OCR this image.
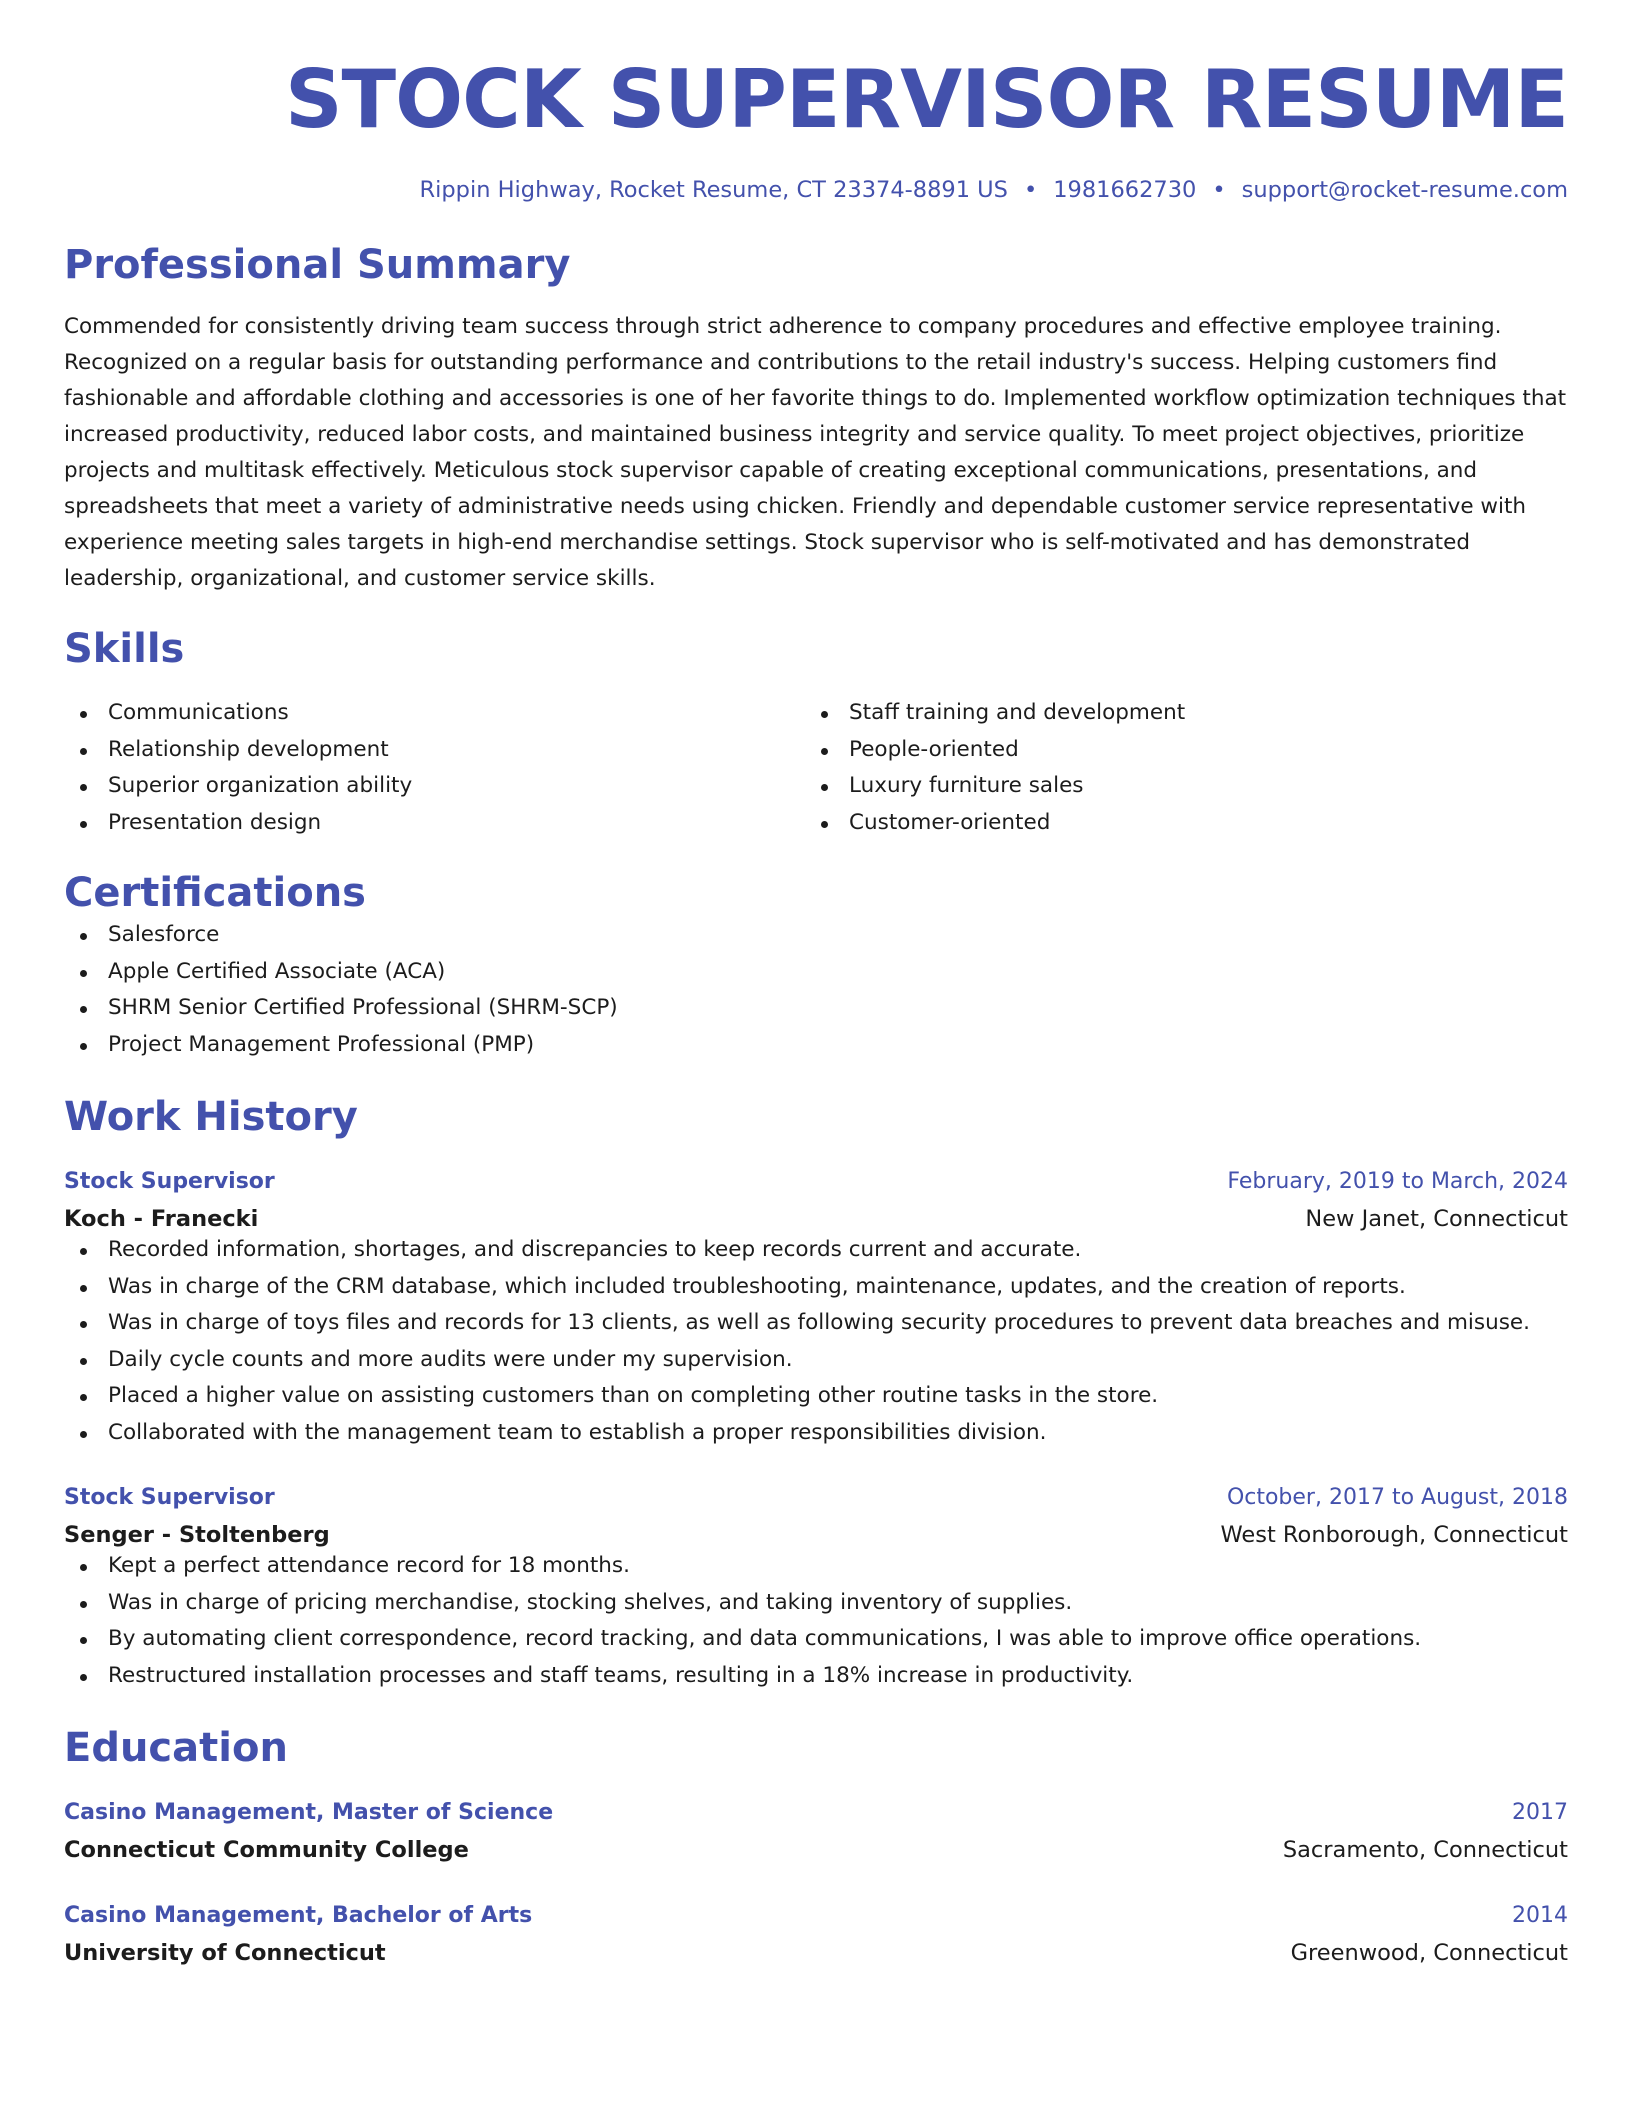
STOCK SUPERVISOR RESUME
Rippin Highway, Rocket Resume, CT 23374-8891 US • 1981662730 • support@rocket-resume.com
Professional Summary

Commended for consistently driving team success through strict adherence to company procedures and effective employee training. Recognized on a regular basis for outstanding performance and contributions to the retail industry's success. Helping customers find fashionable and affordable clothing and accessories is one of her favorite things to do. Implemented workflow optimization techniques that increased productivity, reduced labor costs, and maintained business integrity and service quality. To meet project objectives, prioritize projects and multitask effectively. Meticulous stock supervisor capable of creating exceptional communications, presentations, and spreadsheets that meet a variety of administrative needs using chicken. Friendly and dependable customer service representative with experience meeting sales targets in high-end merchandise settings. Stock supervisor who is self-motivated and has demonstrated leadership, organizational, and customer service skills.

Skills
Communications
Relationship development
Superior organization ability
Presentation design
Staff training and development
People-oriented
Luxury furniture sales
Customer-oriented
Certifications
Salesforce
Apple Certified Associate (ACA)
SHRM Senior Certified Professional (SHRM-SCP)
Project Management Professional (PMP)
Work History
Stock Supervisor	February, 2019 to March, 2024
Koch - Franecki	New Janet, Connecticut
Recorded information, shortages, and discrepancies to keep records current and accurate.
Was in charge of the CRM database, which included troubleshooting, maintenance, updates, and the creation of reports.
Was in charge of toys files and records for 13 clients, as well as following security procedures to prevent data breaches and misuse.
Daily cycle counts and more audits were under my supervision.
Placed a higher value on assisting customers than on completing other routine tasks in the store.
Collaborated with the management team to establish a proper responsibilities division.
Stock Supervisor	October, 2017 to August, 2018
Senger - Stoltenberg	West Ronborough, Connecticut
Kept a perfect attendance record for 18 months.
Was in charge of pricing merchandise, stocking shelves, and taking inventory of supplies.
By automating client correspondence, record tracking, and data communications, I was able to improve office operations.
Restructured installation processes and staff teams, resulting in a 18% increase in productivity.
Education
Casino Management, Master of Science	2017
Connecticut Community College	Sacramento, Connecticut
Casino Management, Bachelor of Arts	2014
University of Connecticut	Greenwood, Connecticut
